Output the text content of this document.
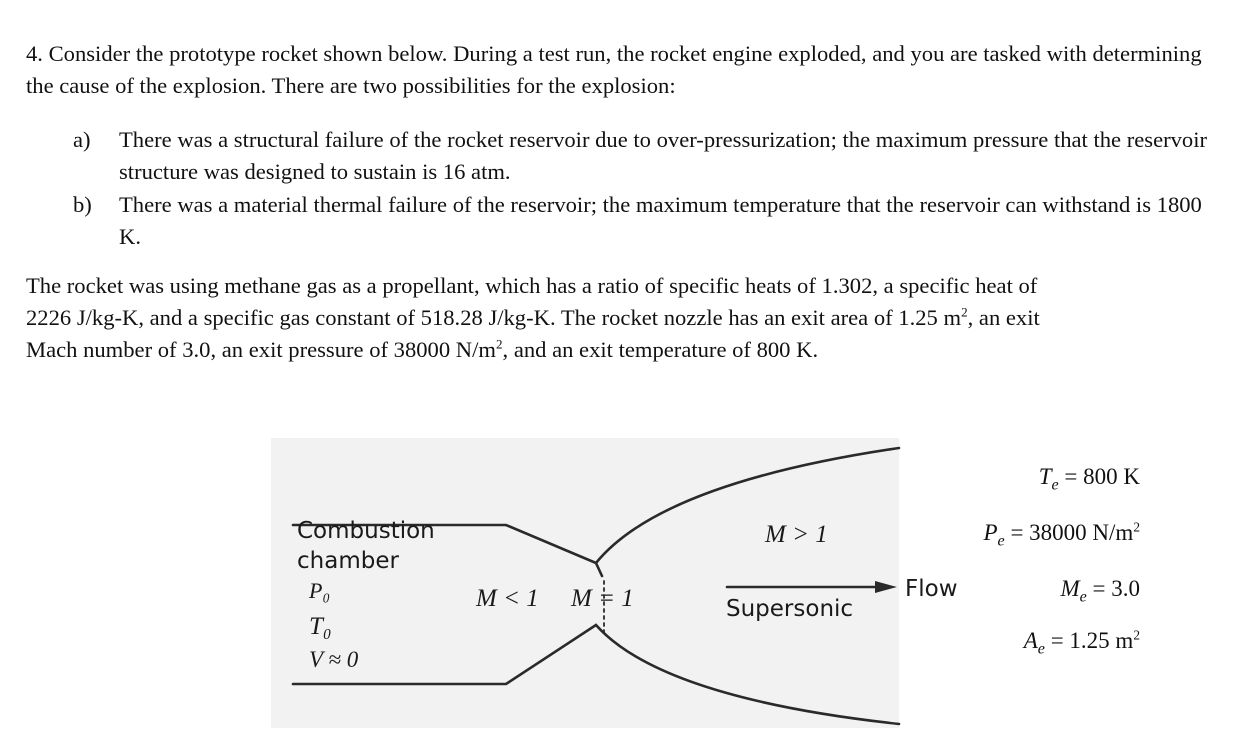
4. Consider the prototype rocket shown below. During a test run, the rocket engine exploded, and you are tasked with determining the cause of the explosion. There are two possibilities for the explosion:

a) There was a structural failure of the rocket reservoir due to over-pressurization; the maximum pressure that the reservoir structure was designed to sustain is 16 atm.
b) There was a material thermal failure of the reservoir; the maximum temperature that the reservoir can withstand is 1800 K.
The rocket was using methane gas as a propellant, which has a ratio of specific heats of 1.302, a specific heat of
2226 J/kg-K, and a specific gas constant of 518.28 J/kg-K. The rocket nozzle has an exit area of 1.25 $m^2$, an exit
Mach number of 3.0, an exit pressure of 38000 $N/m^2$, and an exit temperature of 800 K.
Combustion
chamber
P₀
T₀
V ≈ 0
M < 1 M = 1
M > 1
Supersonic
Flow
$T_e = 800$ K
$P_e = 38000$ $N/m^2$
$M_e = 3.0$
$A_e = 1.25$ $m^2$
